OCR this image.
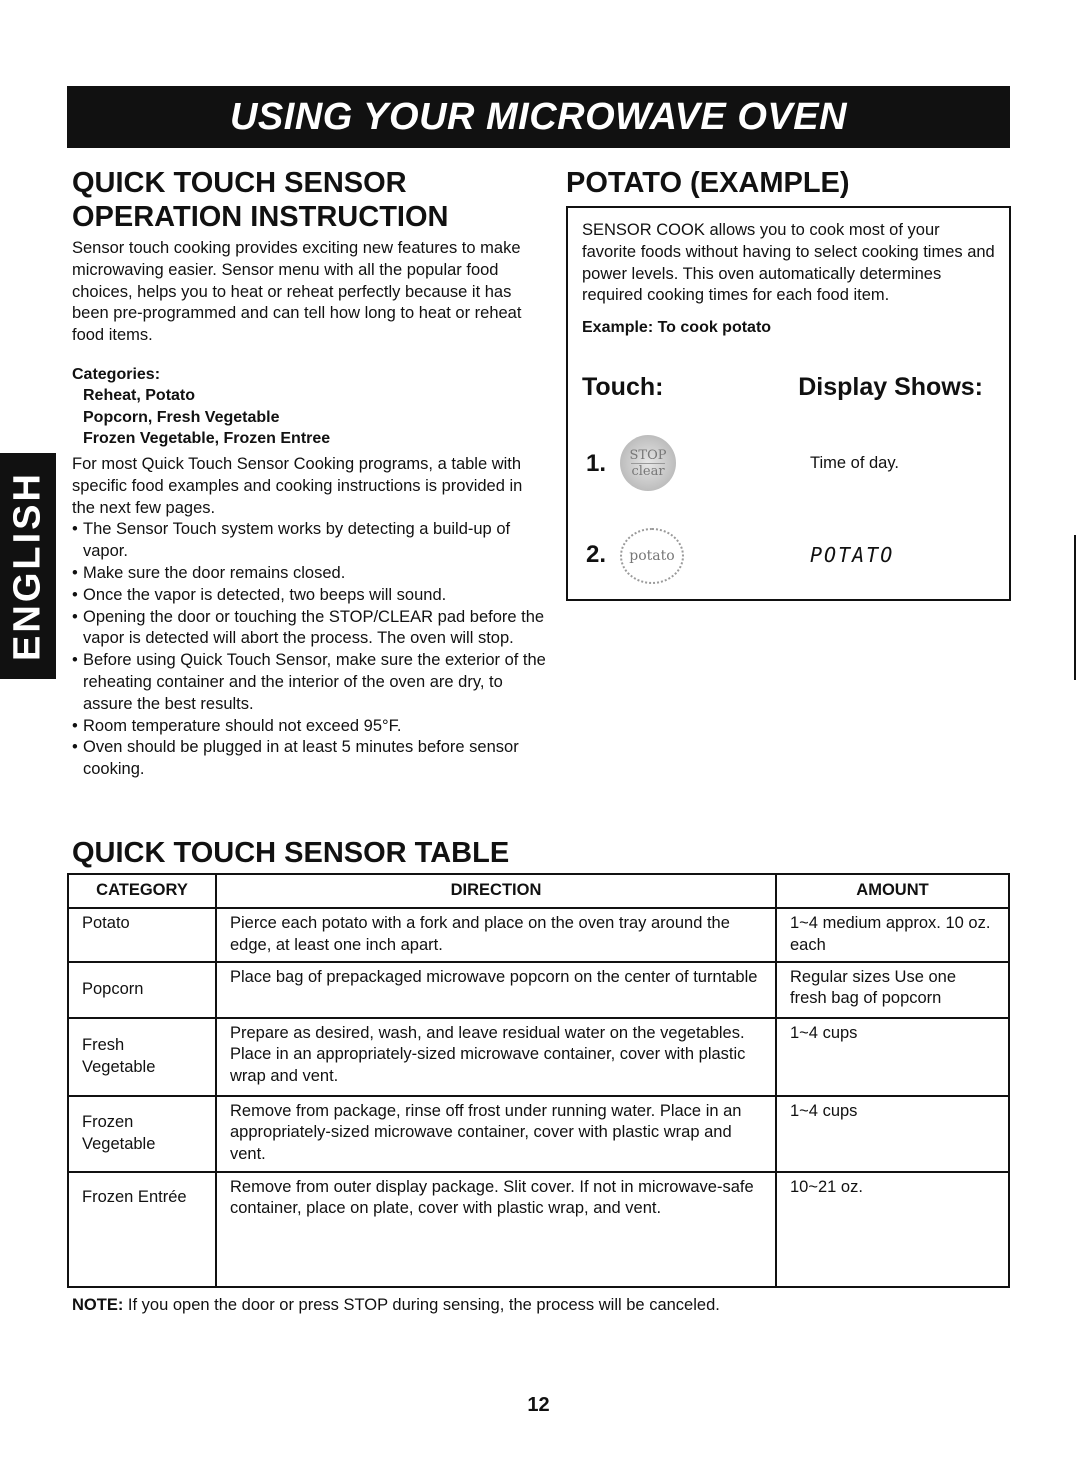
USING YOUR MICROWAVE OVEN
ENGLISH

QUICK TOUCH SENSOR

OPERATION INSTRUCTION

Sensor touch cooking provides exciting new features to make microwaving easier. Sensor menu with all the popular food choices, helps you to heat or reheat perfectly because it has been pre-programmed and can tell how long to heat or reheat food items.

Categories:

Reheat, Potato

Popcorn, Fresh Vegetable

Frozen Vegetable, Frozen Entree

For most Quick Touch Sensor Cooking programs, a table with specific food examples and cooking instructions is provided in the next few pages.

• The Sensor Touch system works by detecting a build-up of vapor.
• Make sure the door remains closed.
• Once the vapor is detected, two beeps will sound.
• Opening the door or touching the STOP/CLEAR pad before the vapor is detected will abort the process. The oven will stop.
• Before using Quick Touch Sensor, make sure the exterior of the reheating container and the interior of the oven are dry, to assure the best results.
• Room temperature should not exceed 95°F.
• Oven should be plugged in at least 5 minutes before sensor cooking.

POTATO (EXAMPLE)

SENSOR COOK allows you to cook most of your favorite foods without having to select cooking times and power levels. This oven automatically determines required cooking times for each food item.

Example: To cook potato

Touch:	Display Shows:
1. STOP
clear	Time of day.
2. potato	POTATO

QUICK TOUCH SENSOR TABLE

CATEGORY	DIRECTION	AMOUNT
Potato	Pierce each potato with a fork and place on the oven tray around the edge, at least one inch apart.	1~4 medium approx. 10 oz. each
Popcorn	Place bag of prepackaged microwave popcorn on the center of turntable	Regular sizes Use one fresh bag of popcorn
Fresh Vegetable	Prepare as desired, wash, and leave residual water on the vegetables. Place in an appropriately-sized microwave container, cover with plastic wrap and vent.	1~4 cups
Frozen Vegetable	Remove from package, rinse off frost under running water. Place in an appropriately-sized microwave container, cover with plastic wrap and vent.	1~4 cups
Frozen Entrée	Remove from outer display package. Slit cover. If not in microwave-safe container, place on plate, cover with plastic wrap, and vent.	10~21 oz.
NOTE: If you open the door or press STOP during sensing, the process will be canceled.
12
